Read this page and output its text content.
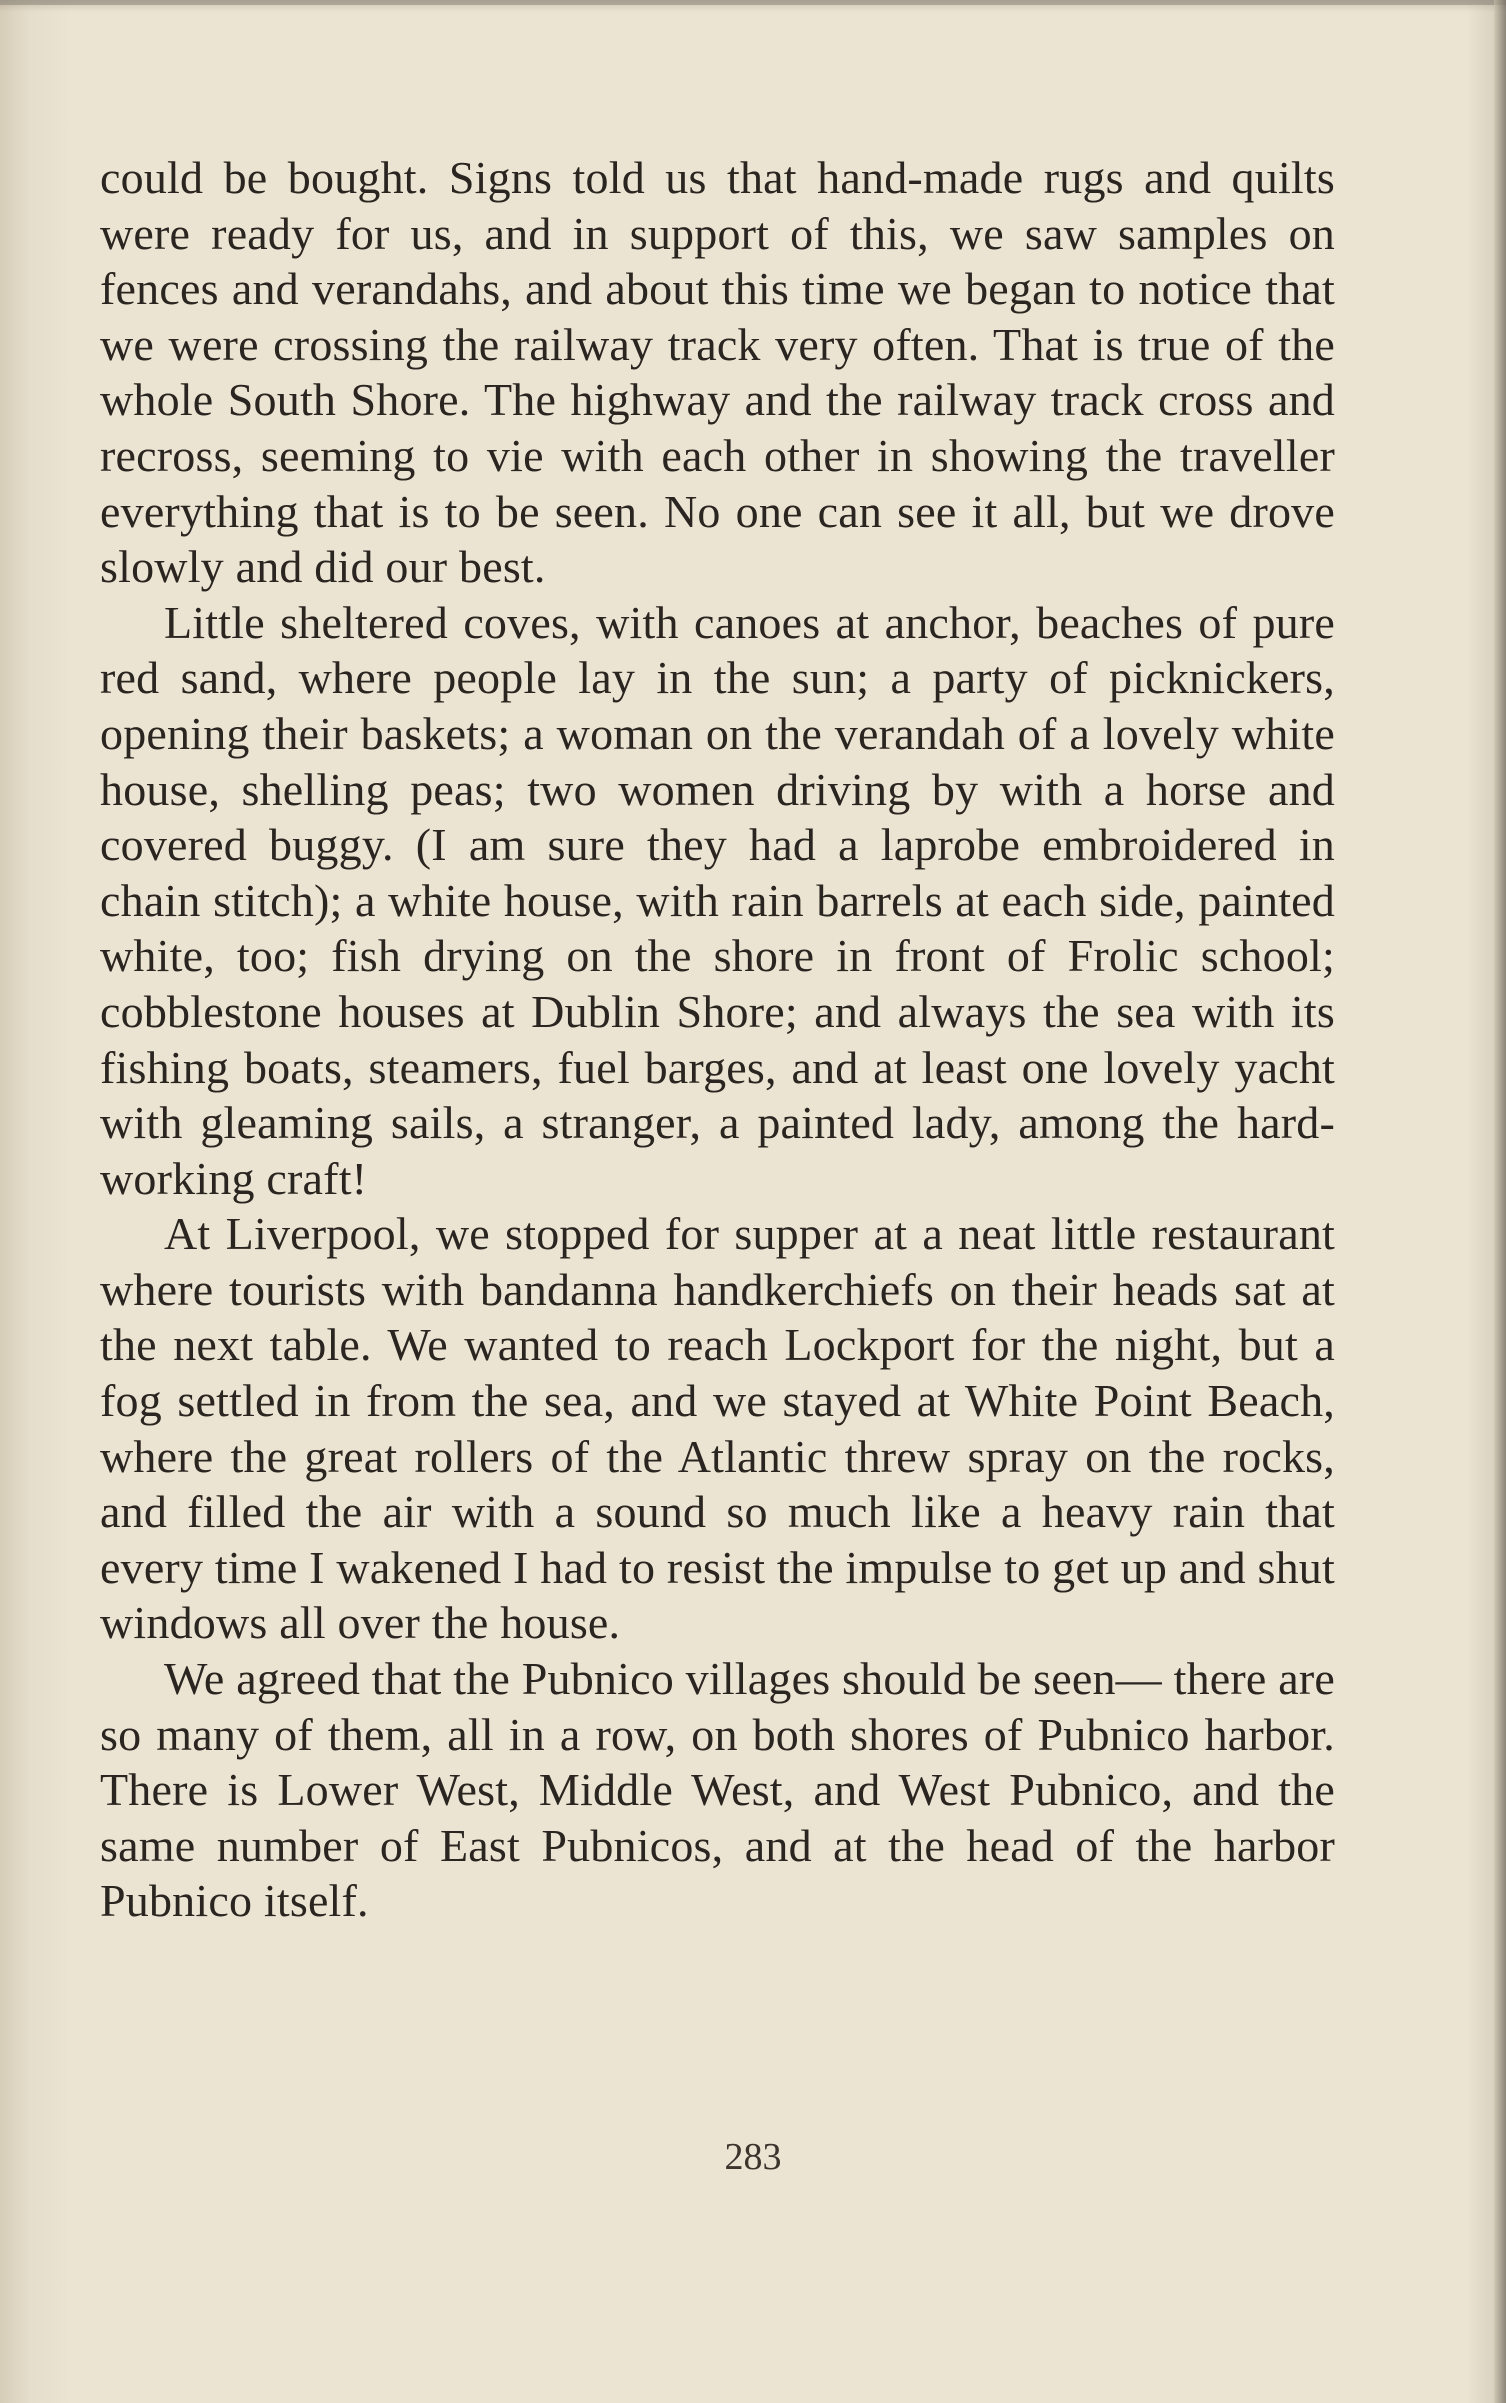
could be bought. Signs told us that hand-made rugs and quilts were ready for us, and in support of this, we saw samples on fences and verandahs, and about this time we began to notice that we were crossing the railway track very often. That is true of the whole South Shore. The highway and the railway track cross and recross, seeming to vie with each other in showing the traveller everything that is to be seen. No one can see it all, but we drove slowly and did our best.

Little sheltered coves, with canoes at anchor, beaches of pure red sand, where people lay in the sun; a party of picknickers, opening their baskets; a woman on the verandah of a lovely white house, shelling peas; two women driving by with a horse and covered buggy. (I am sure they had a laprobe embroidered in chain stitch); a white house, with rain barrels at each side, painted white, too; fish drying on the shore in front of Frolic school; cobblestone houses at Dublin Shore; and always the sea with its fishing boats, steamers, fuel barges, and at least one lovely yacht with gleaming sails, a stranger, a painted lady, among the hard-working craft!

At Liverpool, we stopped for supper at a neat little restaurant where tourists with bandanna handkerchiefs on their heads sat at the next table. We wanted to reach Lockport for the night, but a fog settled in from the sea, and we stayed at White Point Beach, where the great rollers of the Atlantic threw spray on the rocks, and filled the air with a sound so much like a heavy rain that every time I wakened I had to resist the impulse to get up and shut windows all over the house.

We agreed that the Pubnico villages should be seen— there are so many of them, all in a row, on both shores of Pubnico harbor. There is Lower West, Middle West, and West Pubnico, and the same number of East Pubnicos, and at the head of the harbor Pubnico itself.

283
